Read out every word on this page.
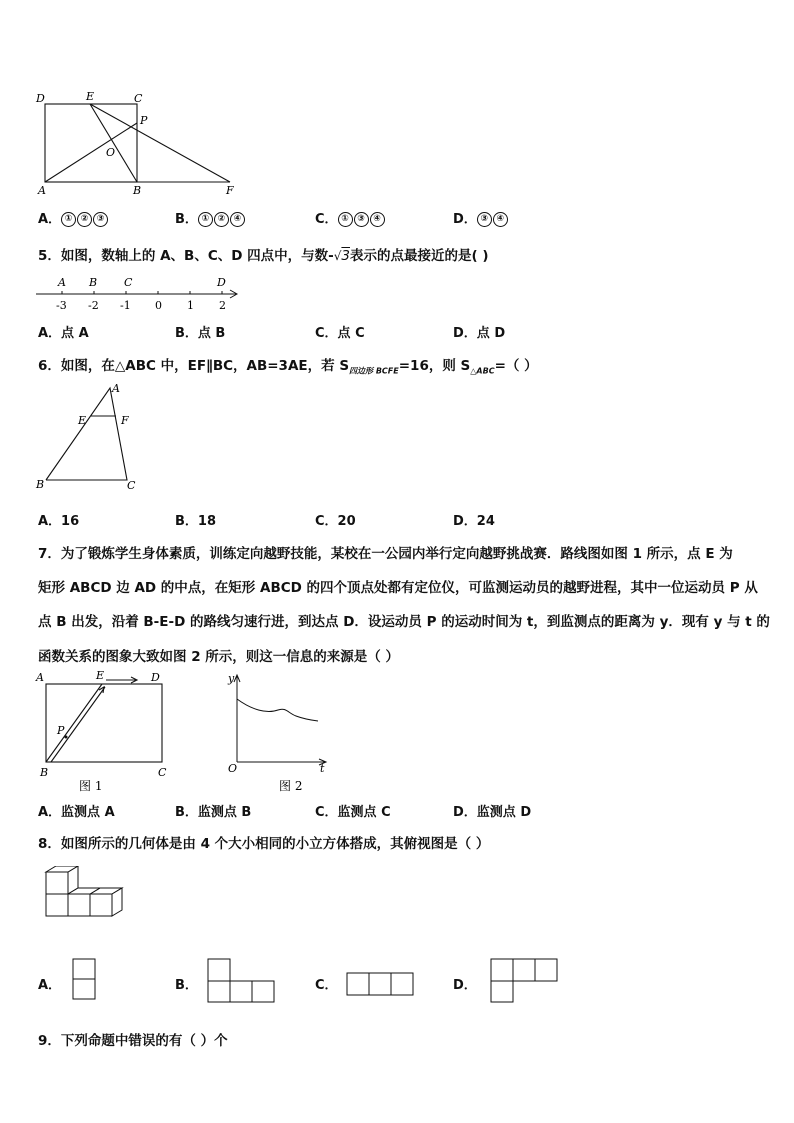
D	E	C
P
O
A	B	F
A． ① ② ③	B． ① ② ④	C． ① ③ ④	D． ③ ④
5．如图，数轴上的 A、B、C、D 四点中，与数-√3表示的点最接近的是( )
A B C	D
-3 -2 -1 0 1 2
A．点 A	B．点 B	C．点 C	D．点 D
6．如图，在△ABC 中，EF∥BC，AB=3AE，若 $S_{四边形 BCFE}=16$，则 $S_{\triangle ABC}=$（ ）
A
E	F
B	C
A．16	B．18	C．20	D．24
7．为了锻炼学生身体素质，训练定向越野技能，某校在一公园内举行定向越野挑战赛．路线图如图 1 所示，点 E 为
矩形 ABCD 边 AD 的中点，在矩形 ABCD 的四个顶点处都有定位仪，可监测运动员的越野进程，其中一位运动员 P 从
点 B 出发，沿着 B-E-D 的路线匀速行进，到达点 D．设运动员 P 的运动时间为 t，到监测点的距离为 y．现有 y 与 t 的
函数关系的图象大致如图 2 所示，则这一信息的来源是（ ）
A	E	D
P
B	C
图 1
y
O	t
图 2
A．监测点 A	B．监测点 B	C．监测点 C	D．监测点 D
8．如图所示的几何体是由 4 个大小相同的小立方体搭成，其俯视图是（ ）
A．	B．	C．	D．
9．下列命题中错误的有（ ）个
